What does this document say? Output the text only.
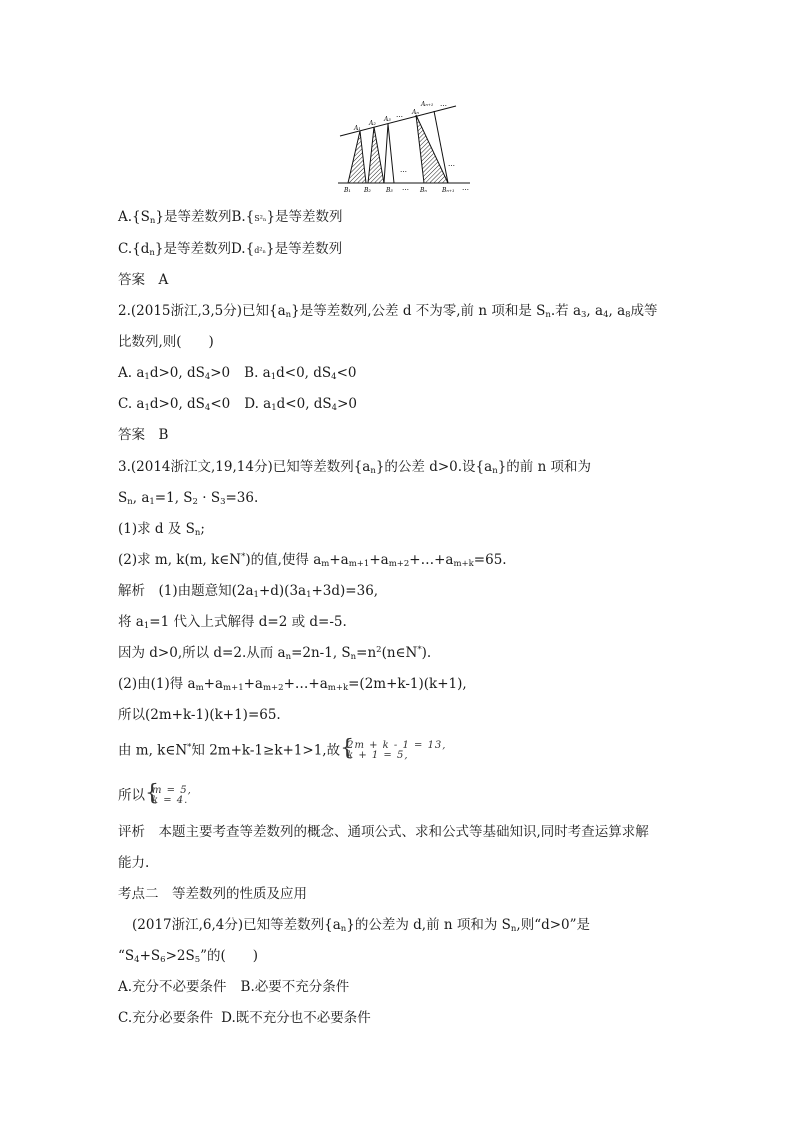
A₁
A₂
A₃
… Aₙ
Aₙ₊₁ …
…
…
B₁ B₂	B₃ … Bₙ	Bₙ₊₁ …
$A.\{S_n\}$是等差数列B.{S²ₙ}是等差数列
$C.\{d_n\}$是等差数列D.{d²ₙ}是等差数列
答案　A
2.(2015浙江,3,5分)已知$\{a_n\}$是等差数列,公差 d 不为零,前 n 项和是 $S_n$.若 $a_3$, $a_4$, $a_8$成等
比数列,则(　　)
A. $a_1d>0$, $dS_4>0$ B. $a_1d<0$, $dS_4<0$
C. $a_1d>0$, $dS_4<0$ D. $a_1d<0$, $dS_4>0$
答案　B
3.(2014浙江文,19,14分)已知等差数列$\{a_n\}$的公差 d>0.设$\{a_n\}$的前 n 项和为
$S_n$, $a_1=1$, $S_2 \cdot S_3=36$.
(1)求 d 及 $S_n$;
(2)求 m, k(m, k∈N*)的值,使得 $a_m+a_{m+1}+a_{m+2}+\dots+a_{m+k}=65$.
解析　(1)由题意知$(2a_1+d)(3a_1+3d)=36$,
将 $a_1=1$ 代入上式解得 d=2 或 d=-5.
因为 d>0,所以 d=2.从而 $a_n=2n-1$, $S_n=n^2(n\in N^*)$.
(2)由(1)得 $a_m+a_{m+1}+a_{m+2}+\dots+a_{m+k}=(2m+k-1)(k+1)$,
所以(2m+k-1)(k+1)=65.
由 m, k∈N*知 2m+k-1≥k+1>1,故 {
2m + k - 1 = 13,
k + 1 = 5,
所以 {
m = 5,
k = 4.
评析　本题主要考查等差数列的概念、通项公式、求和公式等基础知识,同时考查运算求解
能力.
考点二　等差数列的性质及应用
(2017浙江,6,4分)已知等差数列$\{a_n\}$的公差为 d,前 n 项和为 $S_n$,则“d>0”是
“$S_4+S_6>2S_5$”的(　　)
A.充分不必要条件 B.必要不充分条件
C.充分必要条件 D.既不充分也不必要条件
